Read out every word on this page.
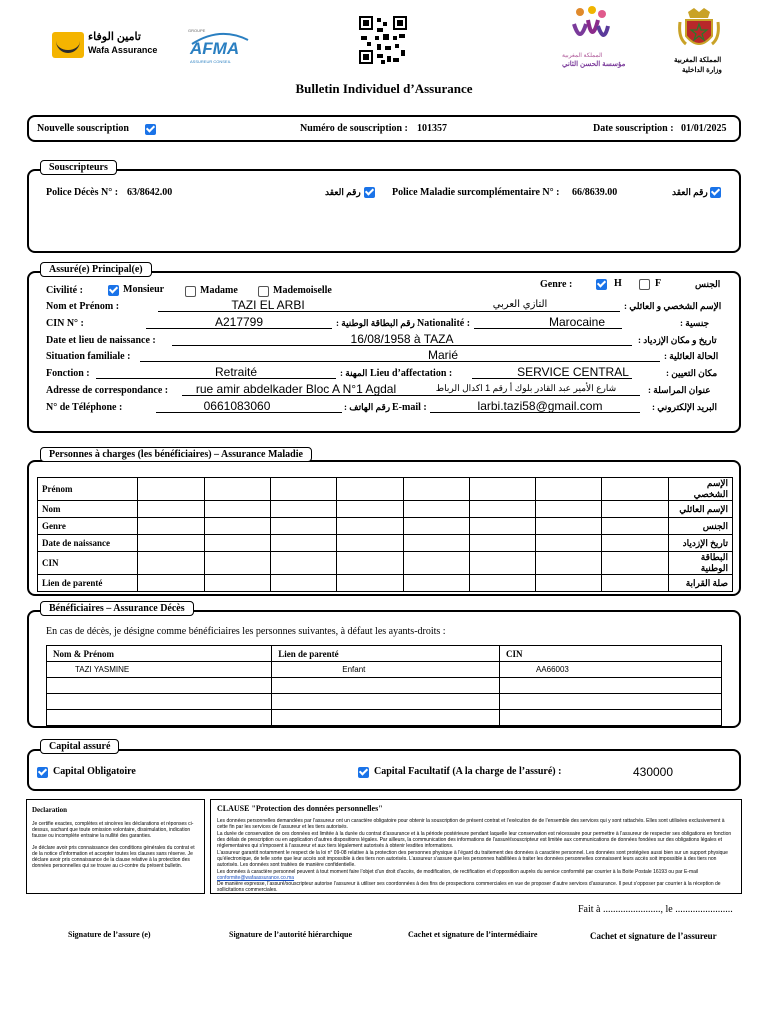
تامين الوفاء
Wafa Assurance
GROUPE
AFMA
ASSUREUR CONSEIL
المملكة المغربية
مؤسسة الحسن الثاني
المملكة المغربية
وزارة الداخلية
Bulletin Individuel d’Assurance
Nouvelle souscription	Numéro de souscription : 101357	Date souscription : 01/01/2025
Souscripteurs
Police Décès N° : 63/8642.00	رقم العقد	Police Maladie surcomplémentaire N° : 66/8639.00	رقم العقد
Assuré(e) Principal(e)
Civilité :	Monsieur	Madame	Mademoiselle
Genre :	H	F	الجنس
Nom et Prénom :	TAZI EL ARBI	التازي العربي	الإسم الشخصي و العائلي :
CIN N° :	A217799	رقم البطاقة الوطنية : Nationalité :	Marocaine	جنسية :
Date et lieu de naissance :	16/08/1958 à TAZA	تاريخ و مكان الإزدياد :
Situation familiale :	Marié	الحالة العائلية :
Fonction :	Retraité	المهنة : Lieu d’affectation :	SERVICE CENTRAL	مكان التعيين :
Adresse de correspondance :	rue amir abdelkader Bloc A N°1 Agdal	شارع الأمير عبد القادر بلوك أ رقم 1 اكدال الرباط	عنوان المراسلة :
N° de Téléphone :	0661083060	رقم الهاتف : E-mail :	larbi.tazi58@gmail.com	البريد الإلكتروني :
Personnes à charges (les bénéficiaires) – Assurance Maladie
Prénom									الإسم الشخصي
Nom									الإسم العائلي
Genre									الجنس
Date de naissance									تاريخ الإزدياد
CIN									البطاقة الوطنية
Lien de parenté									صلة القرابة
Bénéficiaires – Assurance Décès
En cas de décès, je désigne comme bénéficiaires les personnes suivantes, à défaut les ayants-droits :
Nom & Prénom	Lien de parenté	CIN
TAZI YASMINE	Enfant	AA66003

Capital assuré
Capital Obligatoire	Capital Facultatif (A la charge de l’assuré) :	430000
Declaration
Je certifie exactes, complètes et sincères les déclarations et réponses ci-dessus, sachant que toute omission volontaire, dissimulation, indication fausse ou incomplète entraine la nullité des garanties.
Je déclare avoir pris connaissance des conditions générales du contrat et de la notice d’information et accepter toutes les clauses sans réserve. Je déclare avoir pris connaissance de la clause relative à la protection des données personnelles qui se trouve au ci-contre du présent bulletin.
CLAUSE "Protection des données personnelles"
Les données personnelles demandées par l’assureur ont un caractère obligatoire pour obtenir la souscription de présent contrat et l’exécution de de l’ensemble des services qui y sont rattachés. Elles sont utilisées exclusivement à cette fin par les services de l’assureur et les tiers autorisés.
La durée de conservation de ces données est limitée à la durée du contrat d’assurance et à la période postérieure pendant laquelle leur conservation est nécessaire pour permettre à l’assureur de respecter ses obligations en fonction des délais de prescription ou en application d’autres dispositions légales. Par ailleurs, la communication des informations de l’assuré/souscripteur est limitée aux communications de données fondées sur des obligations légales et réglementaires qui s’imposent à l’assureur et aux tiers légalement autorisés à obtenir lesdites informations.
L’assureur garantit notamment le respect de la loi n° 09-08 relative à la protection des personnes physique à l’égard du traitement des données à caractère personnel. Les données sont protégées aussi bien sur un support physique qu’électronique, de telle sorte que leur accès soit impossible à des tiers non autorisés. L’assureur s’assure que les personnes habilitées à traiter les données personnelles connaissent leurs accès soit impossible à des tiers non autorisés. Les données sont traitées de manière confidentielle.
Les données à caractère personnel peuvent à tout moment faire l’objet d’un droit d’accès, de modification, de rectification et d’opposition auprès du service conformité par courrier à la Boite Postale 16193 ou par E-mail
conformite@wafaassurance.co.ma
De manière expresse, l’assuré/souscripteur autorise l’assureur à utiliser ses coordonnées à des fins de prospections commerciales en vue de proposer d’autre services d’assurance. Il peut s’opposer par courrier à la réception de sollicitations commerciales.
Fait à ......................., le .......................
Signature de l’assure (e)	Signature de l’autorité hiérarchique	Cachet et signature de l’intermédiaire	Cachet et signature de l’assureur
